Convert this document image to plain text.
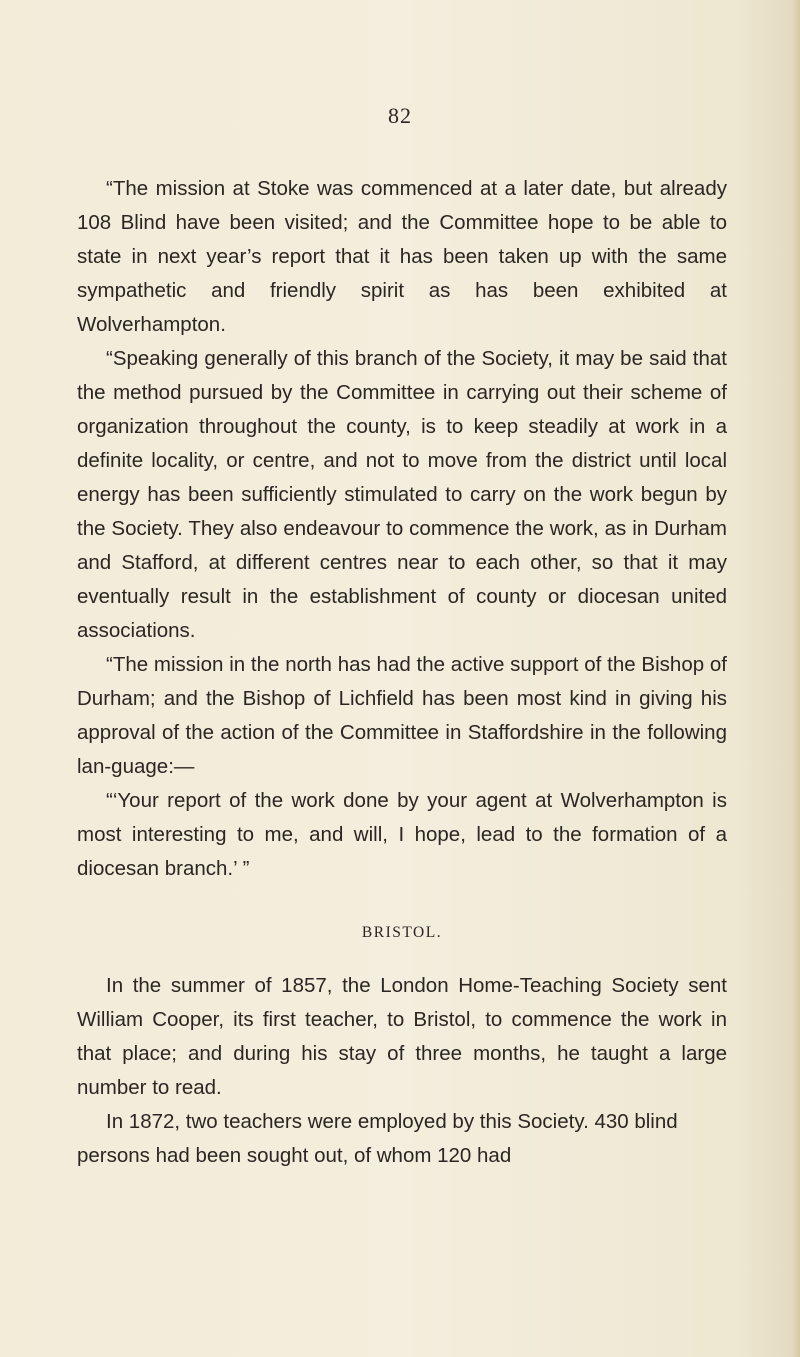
82

“The mission at Stoke was commenced at a later date, but already 108 Blind have been visited; and the Committee hope to be able to state in next year’s report that it has been taken up with the same sympathetic and friendly spirit as has been exhibited at Wolverhampton.

“Speaking generally of this branch of the Society, it may be said that the method pursued by the Committee in carrying out their scheme of organization throughout the county, is to keep steadily at work in a definite locality, or centre, and not to move from the district until local energy has been sufficiently stimulated to carry on the work begun by the Society. They also endeavour to commence the work, as in Durham and Stafford, at different centres near to each other, so that it may eventually result in the establishment of county or diocesan united associations.

“The mission in the north has had the active support of the Bishop of Durham; and the Bishop of Lichfield has been most kind in giving his approval of the action of the Committee in Staffordshire in the following lan-guage:—

“‘Your report of the work done by your agent at Wolverhampton is most interesting to me, and will, I hope, lead to the formation of a diocesan branch.’ ”

BRISTOL.

In the summer of 1857, the London Home-Teaching Society sent William Cooper, its first teacher, to Bristol, to commence the work in that place; and during his stay of three months, he taught a large number to read.

In 1872, two teachers were employed by this Society. 430 blind persons had been sought out, of whom 120 had
